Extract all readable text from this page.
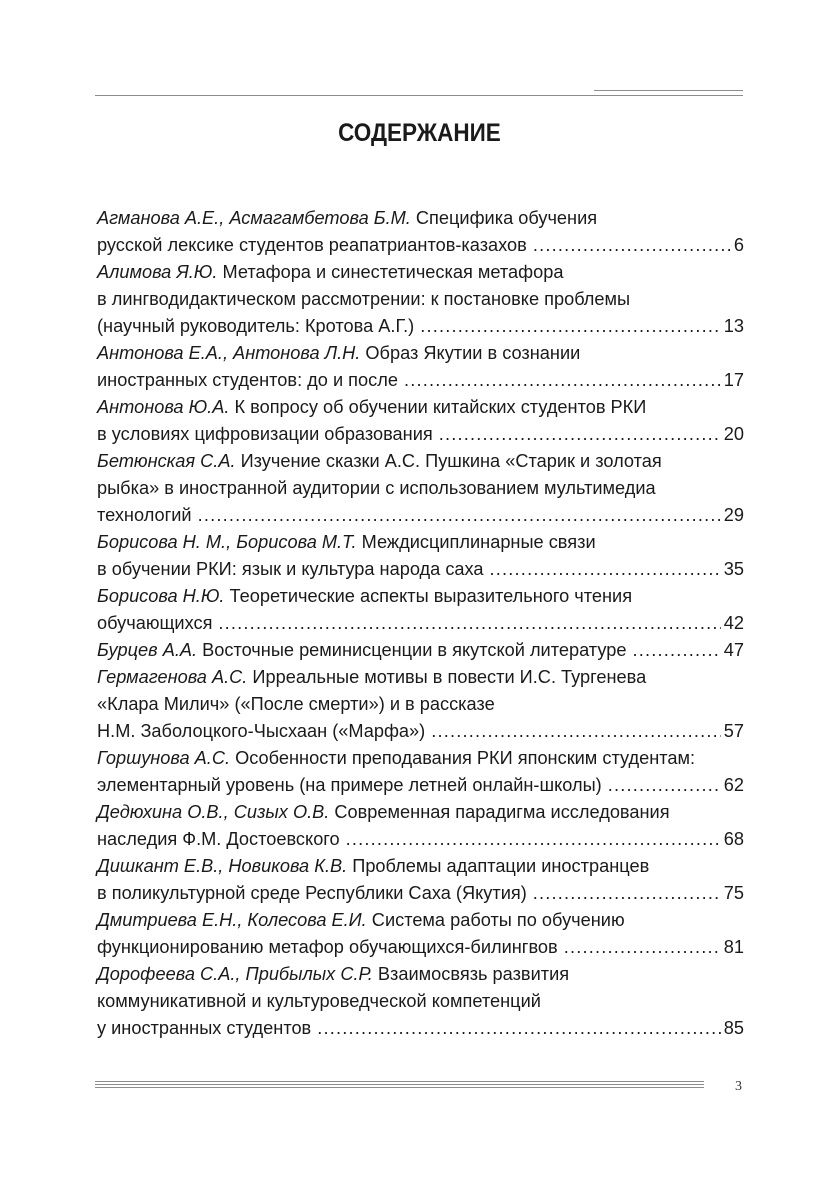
СОДЕРЖАНИЕ
Агманова А.Е., Асмагамбетова Б.М. Специфика обучения
русской лексике студентов реапатриантов-казахов .....	6
Алимова Я.Ю. Метафора и синестетическая метафора
в лингводидактическом рассмотрении: к постановке проблемы
(научный руководитель: Кротова А.Г.) .....	13
Антонова Е.А., Антонова Л.Н. Образ Якутии в сознании
иностранных студентов: до и после .....	17
Антонова Ю.А. К вопросу об обучении китайских студентов РКИ
в условиях цифровизации образования .....	20
Бетюнская С.А. Изучение сказки А.С. Пушкина «Старик и золотая
рыбка» в иностранной аудитории с использованием мультимедиа
технологий .....	29
Борисова Н. М., Борисова М.Т. Междисциплинарные связи
в обучении РКИ: язык и культура народа саха .....	35
Борисова Н.Ю. Теоретические аспекты выразительного чтения
обучающихся .....	42
Бурцев А.А. Восточные реминисценции в якутской литературе .....	47
Гермагенова А.С. Ирреальные мотивы в повести И.С. Тургенева
«Клара Милич» («После смерти») и в рассказе
Н.М. Заболоцкого-Чысхаан («Марфа») .....	57
Горшунова А.С. Особенности преподавания РКИ японским студентам:
элементарный уровень (на примере летней онлайн-школы) .....	62
Дедюхина О.В., Сизых О.В. Современная парадигма исследования
наследия Ф.М. Достоевского .....	68
Дишкант Е.В., Новикова К.В. Проблемы адаптации иностранцев
в поликультурной среде Республики Саха (Якутия) .....	75
Дмитриева Е.Н., Колесова Е.И. Система работы по обучению
функционированию метафор обучающихся-билингвов .....	81
Дорофеева С.А., Прибылых С.Р. Взаимосвязь развития
коммуникативной и культуроведческой компетенций
у иностранных студентов .....	85
3
